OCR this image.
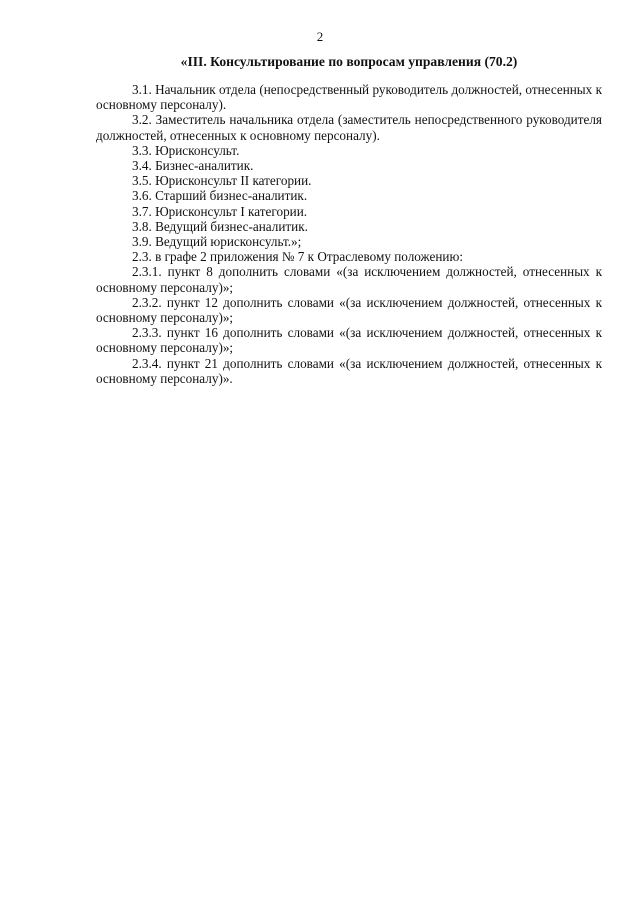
2
«III. Консультирование по вопросам управления (70.2)

3.1. Начальник отдела (непосредственный руководитель должностей, отнесенных к основному персоналу).

3.2. Заместитель начальника отдела (заместитель непосредственного руководителя должностей, отнесенных к основному персоналу).

3.3. Юрисконсульт.

3.4. Бизнес-аналитик.

3.5. Юрисконсульт II категории.

3.6. Старший бизнес-аналитик.

3.7. Юрисконсульт I категории.

3.8. Ведущий бизнес-аналитик.

3.9. Ведущий юрисконсульт.»;

2.3. в графе 2 приложения № 7 к Отраслевому положению:

2.3.1. пункт 8 дополнить словами «(за исключением должностей, отнесенных к основному персоналу)»;

2.3.2. пункт 12 дополнить словами «(за исключением должностей, отнесенных к основному персоналу)»;

2.3.3. пункт 16 дополнить словами «(за исключением должностей, отнесенных к основному персоналу)»;

2.3.4. пункт 21 дополнить словами «(за исключением должностей, отнесенных к основному персоналу)».
